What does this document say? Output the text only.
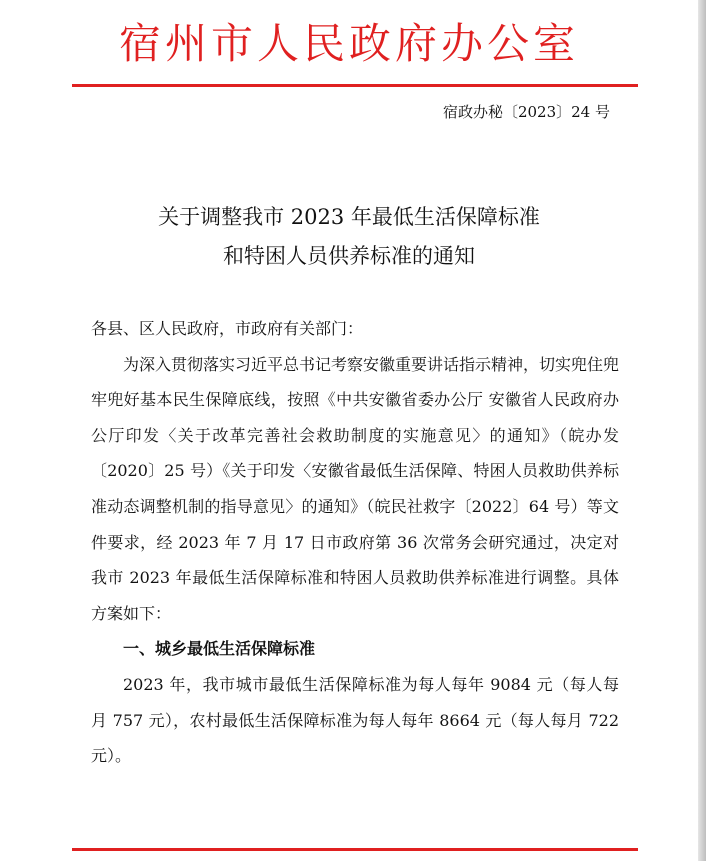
宿州市人民政府办公室
宿政办秘〔2023〕24 号
关于调整我市 2023 年最低生活保障标准
和特困人员供养标准的通知

各县、区人民政府，市政府有关部门：

为深入贯彻落实习近平总书记考察安徽重要讲话指示精神，切实兜住兜牢兜好基本民生保障底线，按照《中共安徽省委办公厅 安徽省人民政府办公厅印发〈关于改革完善社会救助制度的实施意见〉的通知》（皖办发〔2020〕25 号）《关于印发〈安徽省最低生活保障、特困人员救助供养标准动态调整机制的指导意见〉的通知》（皖民社救字〔2022〕64 号）等文件要求，经 2023 年 7 月 17 日市政府第 36 次常务会研究通过，决定对我市 2023 年最低生活保障标准和特困人员救助供养标准进行调整。具体方案如下：

一、城乡最低生活保障标准

2023 年，我市城市最低生活保障标准为每人每年 9084 元（每人每月 757 元），农村最低生活保障标准为每人每年 8664 元（每人每月 722 元）。
